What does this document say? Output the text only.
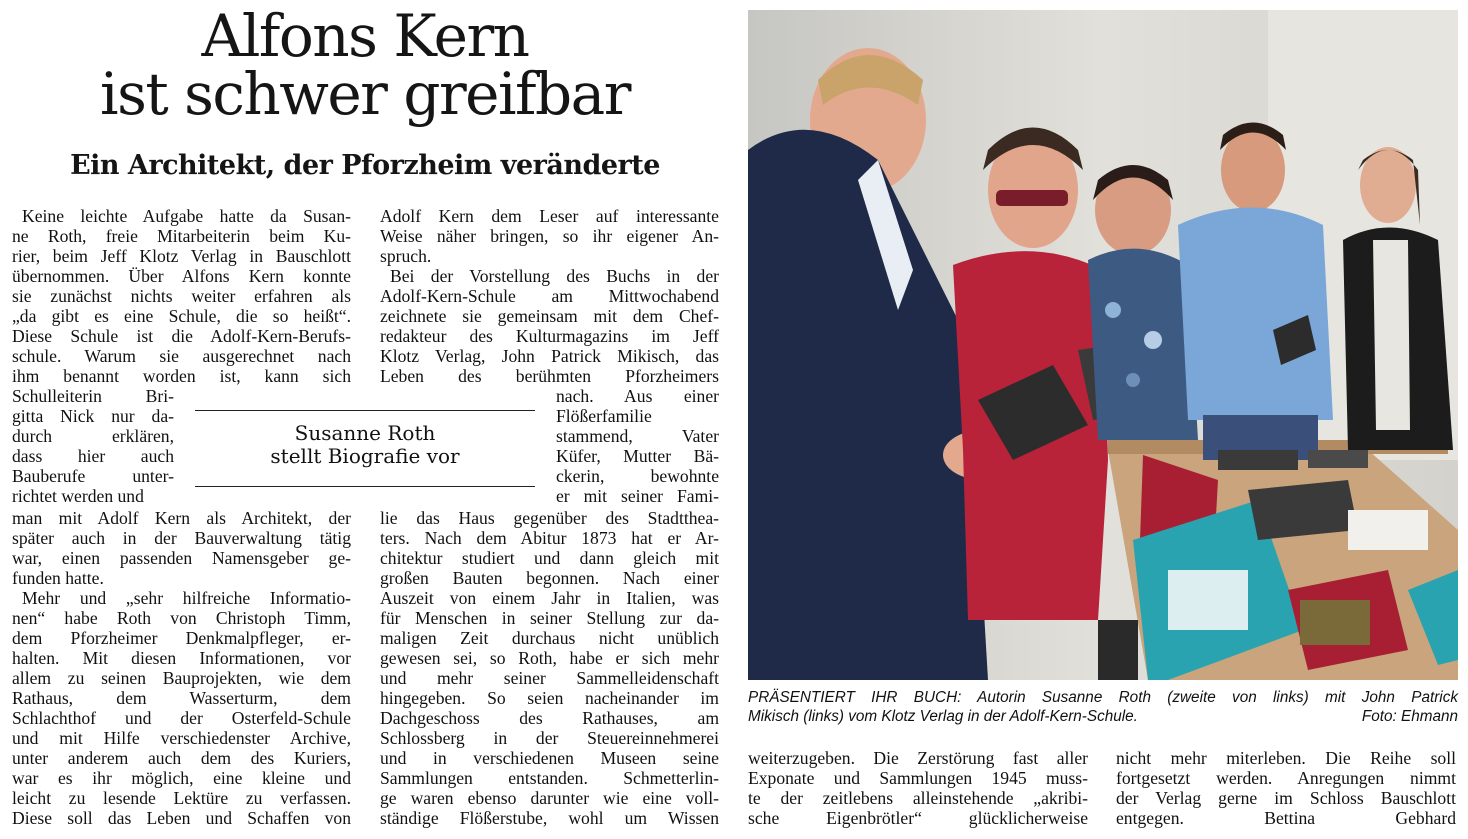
Alfons Kern
ist schwer greifbar
Ein Architekt, der Pforzheim veränderte
Keine leichte Aufgabe hatte da Susan-
ne Roth, freie Mitarbeiterin beim Ku-
rier, beim Jeff Klotz Verlag in Bauschlott
übernommen. Über Alfons Kern konnte
sie zunächst nichts weiter erfahren als
„da gibt es eine Schule, die so heißt“.
Diese Schule ist die Adolf-Kern-Berufs-
schule. Warum sie ausgerechnet nach
ihm benannt worden ist, kann sich
Schulleiterin Bri-
gitta Nick nur da-
durch erklären,
dass hier auch
Bauberufe unter-
richtet werden und
man mit Adolf Kern als Architekt, der
später auch in der Bauverwaltung tätig
war, einen passenden Namensgeber ge-
funden hatte.
Mehr und „sehr hilfreiche Informatio-
nen“ habe Roth von Christoph Timm,
dem Pforzheimer Denkmalpfleger, er-
halten. Mit diesen Informationen, vor
allem zu seinen Bauprojekten, wie dem
Rathaus, dem Wasserturm, dem
Schlachthof und der Osterfeld-Schule
und mit Hilfe verschiedenster Archive,
unter anderem auch dem des Kuriers,
war es ihr möglich, eine kleine und
leicht zu lesende Lektüre zu verfassen.
Diese soll das Leben und Schaffen von
Adolf Kern dem Leser auf interessante
Weise näher bringen, so ihr eigener An-
spruch.
Bei der Vorstellung des Buchs in der
Adolf-Kern-Schule am Mittwochabend
zeichnete sie gemeinsam mit dem Chef-
redakteur des Kulturmagazins im Jeff
Klotz Verlag, John Patrick Mikisch, das
Leben des berühmten Pforzheimers
nach. Aus einer
Flößerfamilie
stammend, Vater
Küfer, Mutter Bä-
ckerin, bewohnte
er mit seiner Fami-
lie das Haus gegenüber des Stadtthea-
ters. Nach dem Abitur 1873 hat er Ar-
chitektur studiert und dann gleich mit
großen Bauten begonnen. Nach einer
Auszeit von einem Jahr in Italien, was
für Menschen in seiner Stellung zur da-
maligen Zeit durchaus nicht unüblich
gewesen sei, so Roth, habe er sich mehr
und mehr seiner Sammelleidenschaft
hingegeben. So seien nacheinander im
Dachgeschoss des Rathauses, am
Schlossberg in der Steuereinnehmerei
und in verschiedenen Museen seine
Sammlungen entstanden. Schmetterlin-
ge waren ebenso darunter wie eine voll-
ständige Flößerstube, wohl um Wissen
Susanne Roth
stellt Biografie vor
PRÄSENTIERT IHR BUCH: Autorin Susanne Roth (zweite von links) mit John Patrick
Mikisch (links) vom Klotz Verlag in der Adolf-Kern-Schule.	Foto: Ehmann
weiterzugeben. Die Zerstörung fast aller
Exponate und Sammlungen 1945 muss-
te der zeitlebens alleinstehende „akribi-
sche Eigenbrötler“ glücklicherweise
nicht mehr miterleben. Die Reihe soll
fortgesetzt werden. Anregungen nimmt
der Verlag gerne im Schloss Bauschlott
entgegen. Bettina Gebhard
